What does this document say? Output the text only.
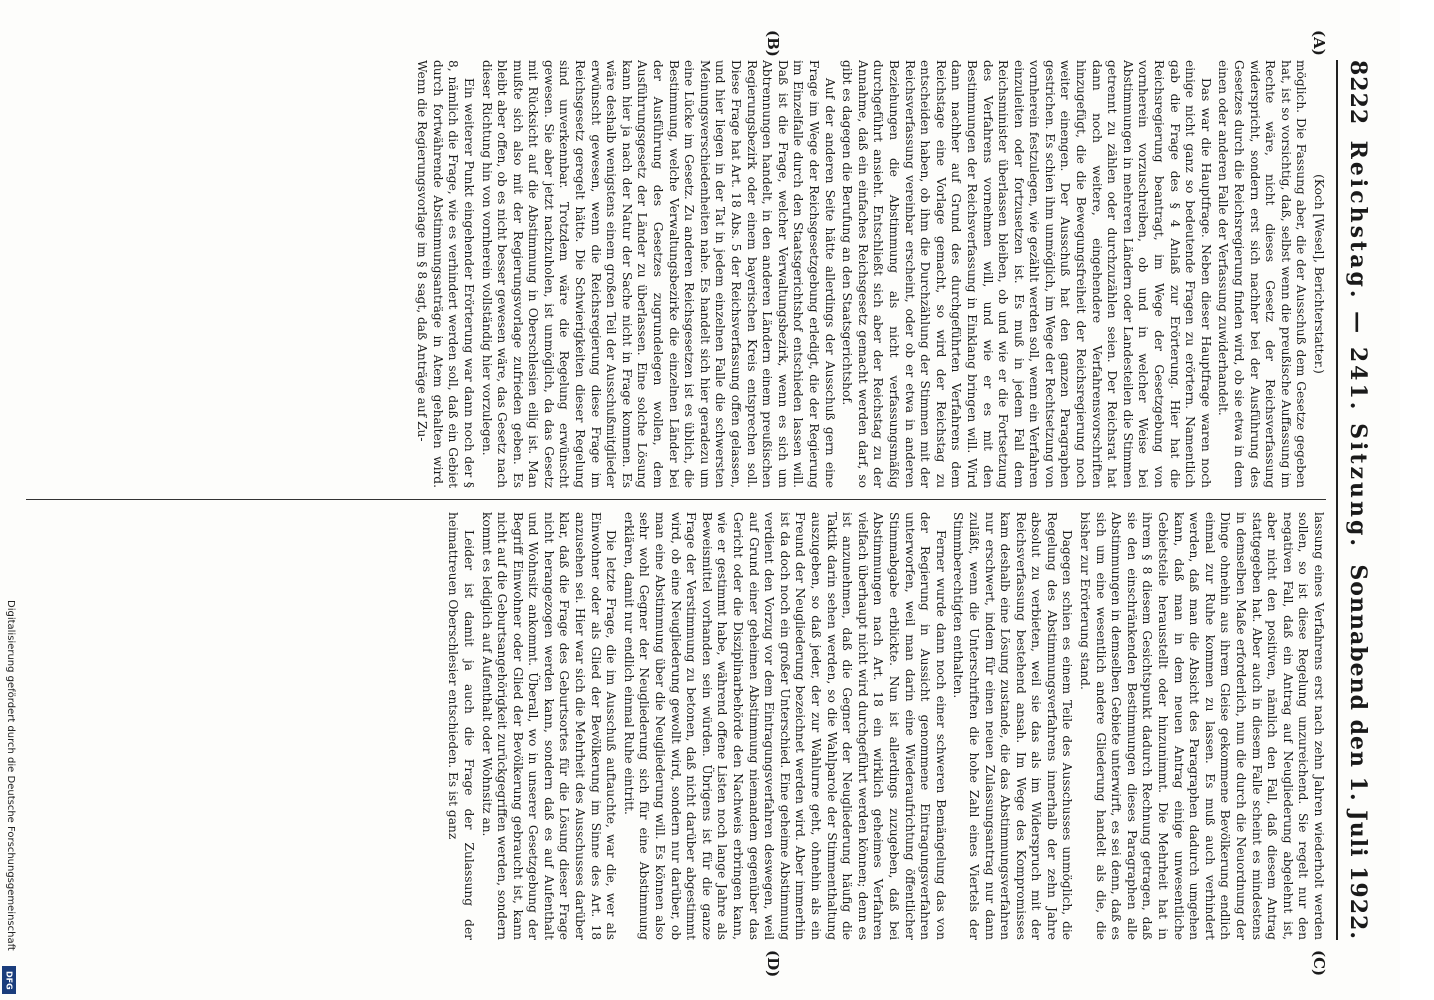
8222
Reichstag. — 241. Sitzung.
Sonnabend den 1. Juli 1922.
(A)
(B)
(C)
(D)

(Koch [Wesel], Berichterstatter.)

möglich. Die Fassung aber, die der Ausschuß dem Gesetze gegeben hat, ist so vorsichtig, daß, selbst wenn die preußische Auffassung im Rechte wäre, nicht dieses Gesetz der Reichsverfassung widerspricht, sondern erst sich nachher bei der Ausführung des Gesetzes durch die Reichsregierung finden wird, ob sie etwa in dem einen oder anderen Falle der Verfassung zuwiderhandelt.

Das war die Hauptfrage. Neben dieser Hauptfrage waren noch einige nicht ganz so bedeutende Fragen zu erörtern. Namentlich gab die Frage des § 4 Anlaß zur Erörterung. Hier hat die Reichsregierung beantragt, im Wege der Gesetzgebung von vornherein vorzuschreiben, ob und in welcher Weise bei Abstimmungen in mehreren Ländern oder Landesteilen die Stimmen getrennt zu zählen oder durchzuzählen seien. Der Reichsrat hat dann noch weitere, eingehendere Verfahrensvorschriften hinzugefügt, die die Bewegungsfreiheit der Reichsregierung noch weiter einengen. Der Ausschuß hat den ganzen Paragraphen gestrichen. Es schien ihm unmöglich, im Wege der Rechtsetzung von vornherein festzulegen, wie gezählt werden soll, wenn ein Verfahren einzuleiten oder fortzusetzen ist. Es muß in jedem Fall dem Reichsminister überlassen bleiben, ob und wie er die Fortsetzung des Verfahrens vornehmen will, und wie er es mit den Bestimmungen der Reichsverfassung in Einklang bringen will. Wird dann nachher auf Grund des durchgeführten Verfahrens dem Reichstage eine Vorlage gemacht, so wird der Reichstag zu entscheiden haben, ob ihm die Durchzählung der Stimmen mit der Reichsverfassung vereinbar erscheint, oder ob er etwa in anderen Beziehungen die Abstimmung als nicht verfassungsmäßig durchgeführt ansieht. Entschließt sich aber der Reichstag zu der Annahme, daß ein einfaches Reichsgesetz gemacht werden darf, so gibt es dagegen die Berufung an den Staatsgerichtshof.

Auf der anderen Seite hätte allerdings der Ausschuß gern eine Frage im Wege der Reichsgesetzgebung erledigt, die der Regierung im Einzelfalle durch den Staatsgerichtshof entschieden lassen will. Daß ist die Frage, welcher Verwaltungsbezirk, wenn es sich um Abtrennungen handelt, in den anderen Ländern einem preußischen Regierungsbezirk oder einem bayerischen Kreis entsprechen soll. Diese Frage hat Art. 18 Abs. 5 der Reichsverfassung offen gelassen, und hier liegen in der Tat in jedem einzelnen Falle die schwersten Meinungsverschiedenheiten nahe. Es handelt sich hier geradezu um eine Lücke im Gesetz. Zu anderen Reichsgesetzen ist es üblich, die Bestimmung, welche Verwaltungsbezirke die einzelnen Länder bei der Ausführung des Gesetzes zugrundelegen wollen, dem Ausführungsgesetz der Länder zu überlassen. Eine solche Lösung kann hier ja nach der Natur der Sache nicht in Frage kommen. Es wäre deshalb wenigstens einem großen Teil der Ausschußmitglieder erwünscht gewesen, wenn die Reichsregierung diese Frage im Reichsgesetz geregelt hätte. Die Schwierigkeiten dieser Regelung sind unverkennbar. Trotzdem wäre die Regelung erwünscht gewesen. Sie aber jetzt nachzuholen, ist unmöglich, da das Gesetz mit Rücksicht auf die Abstimmung in Oberschlesien eilig ist. Man mußte sich also mit der Regierungsvorlage zufrieden geben. Es bleibt aber offen, ob es nicht besser gewesen wäre, das Gesetz nach dieser Richtung hin von vornherein vollständig hier vorzulegen.

Ein weiterer Punkt eingehender Erörterung war dann noch der § 8, nämlich die Frage, wie es verhindert werden soll, daß ein Gebiet durch fortwährende Abstimmungsanträge in Atem gehalten wird. Wenn die Regierungsvorlage im § 8 sagt, daß Anträge auf Zu-

lassung eines Verfahrens erst nach zehn Jahren wiederholt werden sollen, so ist diese Regelung unzureichend. Sie regelt nur den negativen Fall, daß ein Antrag auf Neugliederung abgelehnt ist, aber nicht den positiven, nämlich den Fall, daß diesem Antrag stattgegeben hat. Aber auch in diesem Falle scheint es mindestens in demselben Maße erforderlich, nun die durch die Neuordnung der Dinge ohnehin aus ihrem Gleise gekommene Bevölkerung endlich einmal zur Ruhe kommen zu lassen. Es muß auch verhindert werden, daß man die Absicht des Paragraphen dadurch umgehen kann, daß man in dem neuen Antrag einige unwesentliche Gebietsteile herausstellt oder hinzunimmt. Die Mehrheit hat in ihrem § 8 diesem Gesichtspunkt dadurch Rechnung getragen, daß sie den einschränkenden Bestimmungen dieses Paragraphen alle Abstimmungen in demselben Gebiete unterwirft, es sei denn, daß es sich um eine wesentlich andere Gliederung handelt als die, die bisher zur Erörterung stand.

Dagegen schien es einem Teile des Ausschusses unmöglich, die Regelung des Abstimmungsverfahrens innerhalb der zehn Jahre absolut zu verbieten, weil sie das als im Widerspruch mit der Reichsverfassung bestehend ansah. Im Wege des Kompromisses kam deshalb eine Lösung zustande, die das Abstimmungsverfahren nur erschwert, indem für einen neuen Zulassungsantrag nur dann zuläßt, wenn die Unterschriften die hohe Zahl eines Viertels der Stimmberechtigten enthalten.

Ferner wurde dann noch einer schweren Bemängelung das von der Regierung in Aussicht genommene Eintragungsverfahren unterworfen, weil man darin eine Wiederaufrichtung öffentlicher Stimmabgabe erblickte. Nun ist allerdings zuzugeben, daß bei Abstimmungen nach Art. 18 ein wirklich geheimes Verfahren vielfach überhaupt nicht wird durchgeführt werden können; denn es ist anzunehmen, daß die Gegner der Neugliederung häufig die Taktik darin sehen werden, so die Wahlparole der Stimmenthaltung auszugeben, so daß jeder, der zur Wahlurne geht, ohnehin als ein Freund der Neugliederung bezeichnet werden wird. Aber immerhin ist da doch noch ein großer Unterschied. Eine geheime Abstimmung verdient den Vorzug vor dem Eintragungsverfahren deswegen, weil auf Grund einer geheimen Abstimmung niemandem gegenüber das Gericht oder die Disziplinarbehörde den Nachweis erbringen kann, wie er gestimmt habe, während offene Listen noch lange Jahre als Beweismittel vorhanden sein würden. Übrigens ist für die ganze Frage der Verstimmung zu betonen, daß nicht darüber abgestimmt wird, ob eine Neugliederung gewollt wird, sondern nur darüber, ob man eine Abstimmung über die Neugliederung will. Es können also sehr wohl Gegner der Neugliederung sich für eine Abstimmung erklären, damit nur endlich einmal Ruhe eintritt.

Die letzte Frage, die im Ausschuß auftauchte, war die, wer als Einwohner oder als Glied der Bevölkerung im Sinne des Art. 18 anzusehen sei. Hier war sich die Mehrheit des Ausschusses darüber klar, daß die Frage des Geburtsortes für die Lösung dieser Frage nicht herangezogen werden kann, sondern daß es auf Aufenthalt und Wohnsitz ankommt. Überall, wo in unserer Gesetzgebung der Begriff Einwohner oder Glied der Bevölkerung gebraucht ist, kann nicht auf die Geburtsangehörigkeit zurückgegriffen werden, sondern kommt es lediglich auf Aufenthalt oder Wohnsitz an.

Leider ist damit ja auch die Frage der Zulassung der heimattreuen Oberschlesier entschieden. Es ist ganz

Digitalisierung gefördert durch die Deutsche Forschungsgemeinschaft
DFG
